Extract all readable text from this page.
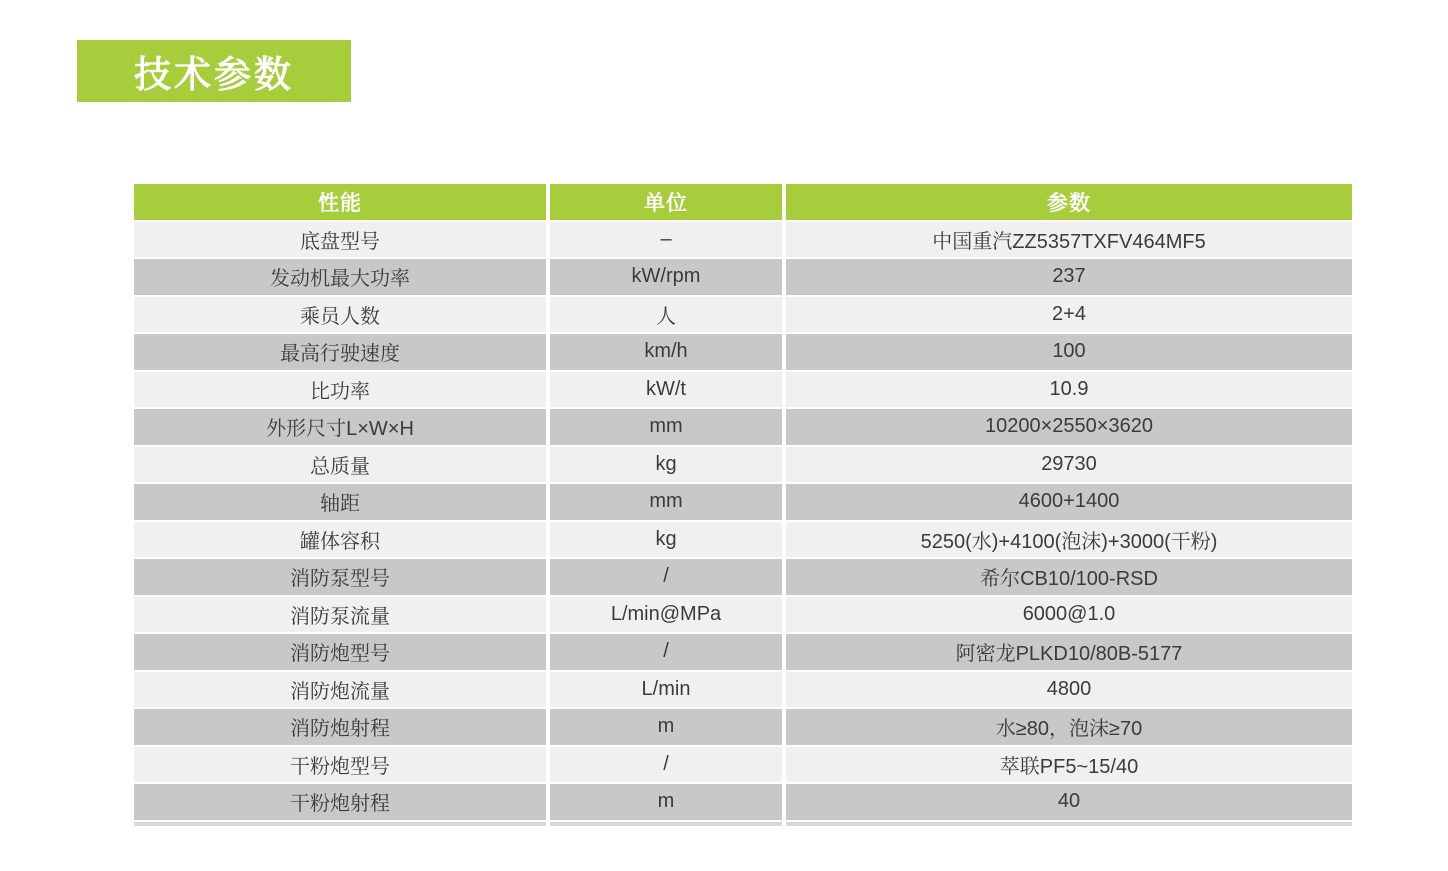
技术参数
性能	单位	参数
底盘型号	–	中国重汽ZZ5357TXFV464MF5
发动机最大功率	kW/rpm	237
乘员人数	人	2+4
最高行驶速度	km/h	100
比功率	kW/t	10.9
外形尺寸L×W×H	mm	10200×2550×3620
总质量	kg	29730
轴距	mm	4600+1400
罐体容积	kg	5250(水)+4100(泡沫)+3000(干粉)
消防泵型号	/	希尔CB10/100-RSD
消防泵流量	L/min@MPa	6000@1.0
消防炮型号	/	阿密龙PLKD10/80B-5177
消防炮流量	L/min	4800
消防炮射程	m	水≥80，泡沫≥70
干粉炮型号	/	萃联PF5~15/40
干粉炮射程	m	40
